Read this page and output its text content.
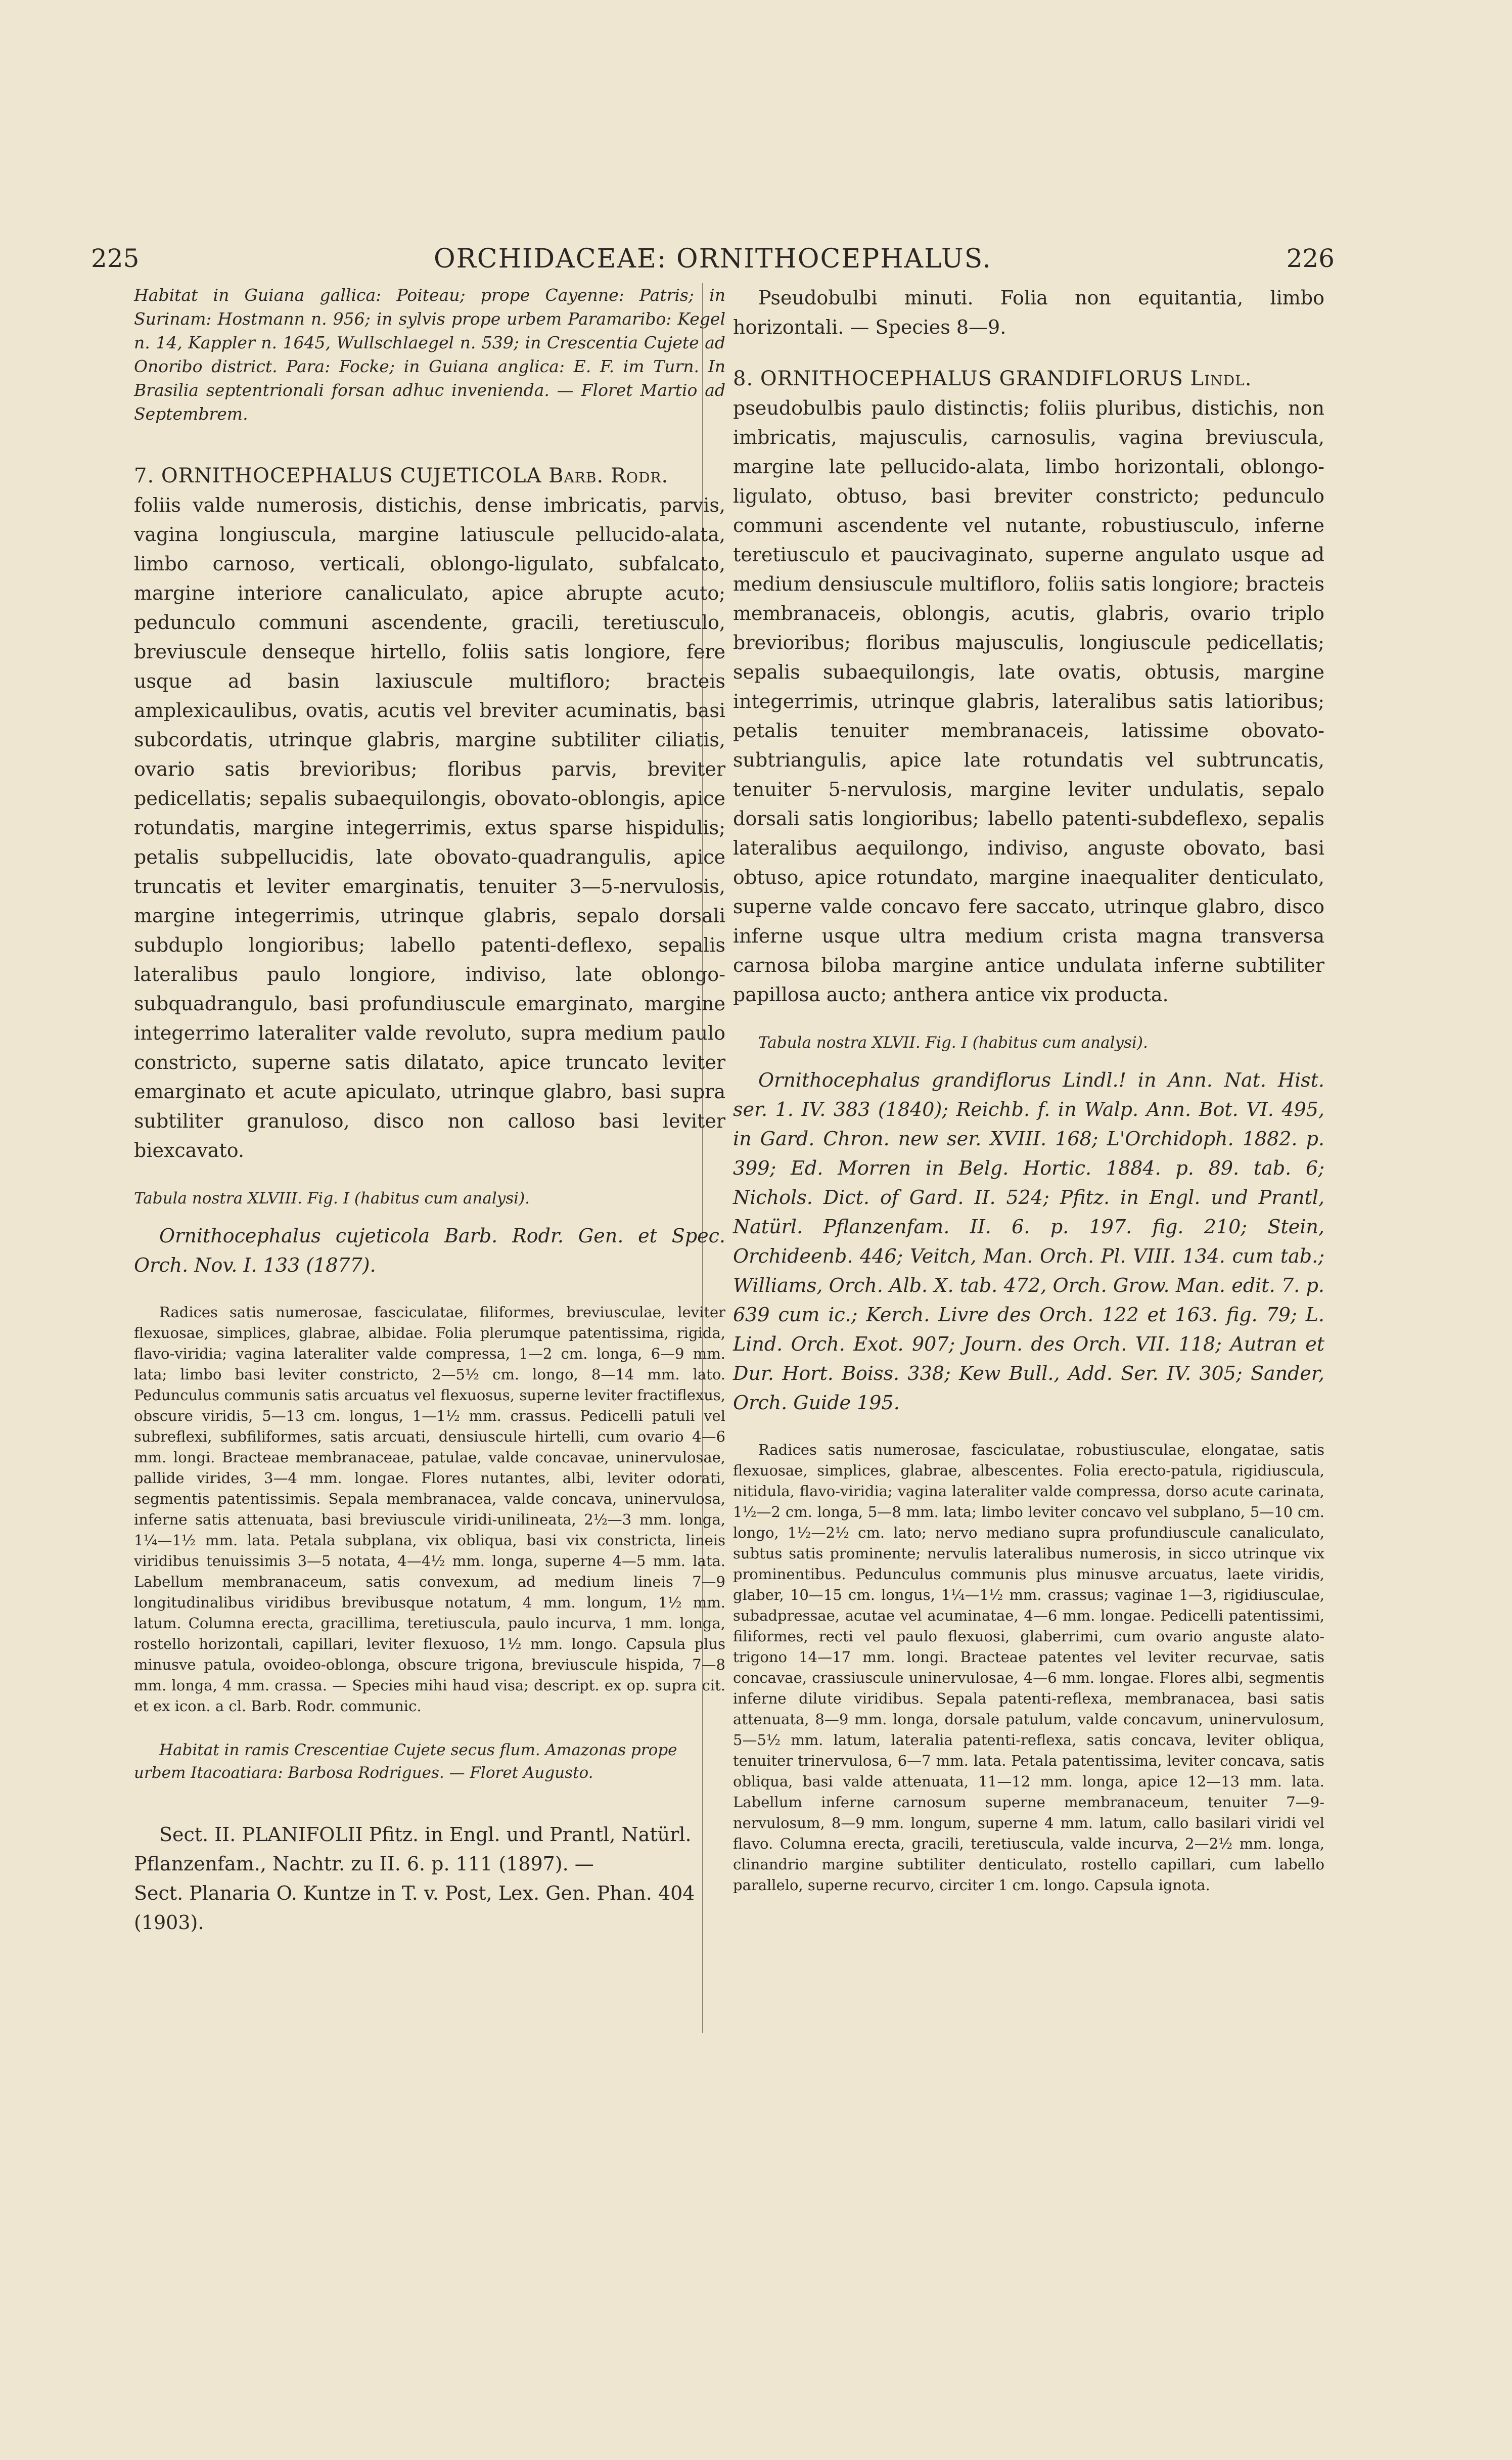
225	ORCHIDACEAE: ORNITHOCEPHALUS.	226

Habitat in Guiana gallica: Poiteau; prope Cayenne: Patris; in Surinam: Hostmann n. 956; in sylvis prope urbem Paramaribo: Kegel n. 14, Kappler n. 1645, Wullschlaegel n. 539; in Crescentia Cujete ad Onoribo district. Para: Focke; in Guiana anglica: E. F. im Turn. In Brasilia septentrionali forsan adhuc invenienda. — Floret Martio ad Septembrem.

7. ORNITHOCEPHALUS CUJETICOLA Barb. Rodr.

foliis valde numerosis, distichis, dense imbricatis, parvis, vagina longiuscula, margine latiuscule pellucido-alata, limbo carnoso, verticali, oblongo-ligulato, subfalcato, margine interiore canaliculato, apice abrupte acuto; pedunculo communi ascendente, gracili, teretiusculo, breviuscule denseque hirtello, foliis satis longiore, fere usque ad basin laxiuscule multifloro; bracteis amplexicaulibus, ovatis, acutis vel breviter acuminatis, basi subcordatis, utrinque glabris, margine subtiliter ciliatis, ovario satis brevioribus; floribus parvis, breviter pedicellatis; sepalis subaequilongis, obovato-oblongis, apice rotundatis, margine integerrimis, extus sparse hispidulis; petalis subpellucidis, late obovato-quadrangulis, apice truncatis et leviter emarginatis, tenuiter 3—5-nervulosis, margine integerrimis, utrinque glabris, sepalo dorsali subduplo longioribus; labello patenti-deflexo, sepalis lateralibus paulo longiore, indiviso, late oblongo-subquadrangulo, basi profundiuscule emarginato, margine integerrimo lateraliter valde revoluto, supra medium paulo constricto, superne satis dilatato, apice truncato leviter emarginato et acute apiculato, utrinque glabro, basi supra subtiliter granuloso, disco non calloso basi leviter biexcavato.

Tabula nostra XLVIII. Fig. I (habitus cum analysi).

Ornithocephalus cujeticola Barb. Rodr. Gen. et Spec. Orch. Nov. I. 133 (1877).

Radices satis numerosae, fasciculatae, filiformes, breviusculae, leviter flexuosae, simplices, glabrae, albidae. Folia plerumque patentissima, rigida, flavo-viridia; vagina lateraliter valde compressa, 1—2 cm. longa, 6—9 mm. lata; limbo basi leviter constricto, 2—5½ cm. longo, 8—14 mm. lato. Pedunculus communis satis arcuatus vel flexuosus, superne leviter fractiflexus, obscure viridis, 5—13 cm. longus, 1—1½ mm. crassus. Pedicelli patuli vel subreflexi, subfiliformes, satis arcuati, densiuscule hirtelli, cum ovario 4—6 mm. longi. Bracteae membranaceae, patulae, valde concavae, uninervulosae, pallide virides, 3—4 mm. longae. Flores nutantes, albi, leviter odorati, segmentis patentissimis. Sepala membranacea, valde concava, uninervulosa, inferne satis attenuata, basi breviuscule viridi-unilineata, 2½—3 mm. longa, 1¼—1½ mm. lata. Petala subplana, vix obliqua, basi vix constricta, lineis viridibus tenuissimis 3—5 notata, 4—4½ mm. longa, superne 4—5 mm. lata. Labellum membranaceum, satis convexum, ad medium lineis 7—9 longitudinalibus viridibus brevibusque notatum, 4 mm. longum, 1½ mm. latum. Columna erecta, gracillima, teretiuscula, paulo incurva, 1 mm. longa, rostello horizontali, capillari, leviter flexuoso, 1½ mm. longo. Capsula plus minusve patula, ovoideo-oblonga, obscure trigona, breviuscule hispida, 7—8 mm. longa, 4 mm. crassa. — Species mihi haud visa; descript. ex op. supra cit. et ex icon. a cl. Barb. Rodr. communic.

Habitat in ramis Crescentiae Cujete secus flum. Amazonas prope urbem Itacoatiara: Barbosa Rodrigues. — Floret Augusto.

Sect. II. PLANIFOLII Pfitz. in Engl. und Prantl, Natürl. Pflanzenfam., Nachtr. zu II. 6. p. 111 (1897). —

Sect. Planaria O. Kuntze in T. v. Post, Lex. Gen. Phan. 404 (1903).

Pseudobulbi minuti. Folia non equitantia, limbo horizontali. — Species 8—9.

8. ORNITHOCEPHALUS GRANDIFLORUS Lindl.

pseudobulbis paulo distinctis; foliis pluribus, distichis, non imbricatis, majusculis, carnosulis, vagina breviuscula, margine late pellucido-alata, limbo horizontali, oblongo-ligulato, obtuso, basi breviter constricto; pedunculo communi ascendente vel nutante, robustiusculo, inferne teretiusculo et paucivaginato, superne angulato usque ad medium densiuscule multifloro, foliis satis longiore; bracteis membranaceis, oblongis, acutis, glabris, ovario triplo brevioribus; floribus majusculis, longiuscule pedicellatis; sepalis subaequilongis, late ovatis, obtusis, margine integerrimis, utrinque glabris, lateralibus satis latioribus; petalis tenuiter membranaceis, latissime obovato-subtriangulis, apice late rotundatis vel subtruncatis, tenuiter 5-nervulosis, margine leviter undulatis, sepalo dorsali satis longioribus; labello patenti-subdeflexo, sepalis lateralibus aequilongo, indiviso, anguste obovato, basi obtuso, apice rotundato, margine inaequaliter denticulato, superne valde concavo fere saccato, utrinque glabro, disco inferne usque ultra medium crista magna transversa carnosa biloba margine antice undulata inferne subtiliter papillosa aucto; anthera antice vix producta.

Tabula nostra XLVII. Fig. I (habitus cum analysi).

Ornithocephalus grandiflorus Lindl.! in Ann. Nat. Hist. ser. 1. IV. 383 (1840); Reichb. f. in Walp. Ann. Bot. VI. 495, in Gard. Chron. new ser. XVIII. 168; L'Orchidoph. 1882. p. 399; Ed. Morren in Belg. Hortic. 1884. p. 89. tab. 6; Nichols. Dict. of Gard. II. 524; Pfitz. in Engl. und Prantl, Natürl. Pflanzenfam. II. 6. p. 197. fig. 210; Stein, Orchideenb. 446; Veitch, Man. Orch. Pl. VIII. 134. cum tab.; Williams, Orch. Alb. X. tab. 472, Orch. Grow. Man. edit. 7. p. 639 cum ic.; Kerch. Livre des Orch. 122 et 163. fig. 79; L. Lind. Orch. Exot. 907; Journ. des Orch. VII. 118; Autran et Dur. Hort. Boiss. 338; Kew Bull., Add. Ser. IV. 305; Sander, Orch. Guide 195.

Radices satis numerosae, fasciculatae, robustiusculae, elongatae, satis flexuosae, simplices, glabrae, albescentes. Folia erecto-patula, rigidiuscula, nitidula, flavo-viridia; vagina lateraliter valde compressa, dorso acute carinata, 1½—2 cm. longa, 5—8 mm. lata; limbo leviter concavo vel subplano, 5—10 cm. longo, 1½—2½ cm. lato; nervo mediano supra profundiuscule canaliculato, subtus satis prominente; nervulis lateralibus numerosis, in sicco utrinque vix prominentibus. Pedunculus communis plus minusve arcuatus, laete viridis, glaber, 10—15 cm. longus, 1¼—1½ mm. crassus; vaginae 1—3, rigidiusculae, subadpressae, acutae vel acuminatae, 4—6 mm. longae. Pedicelli patentissimi, filiformes, recti vel paulo flexuosi, glaberrimi, cum ovario anguste alato-trigono 14—17 mm. longi. Bracteae patentes vel leviter recurvae, satis concavae, crassiuscule uninervulosae, 4—6 mm. longae. Flores albi, segmentis inferne dilute viridibus. Sepala patenti-reflexa, membranacea, basi satis attenuata, 8—9 mm. longa, dorsale patulum, valde concavum, uninervulosum, 5—5½ mm. latum, lateralia patenti-reflexa, satis concava, leviter obliqua, tenuiter trinervulosa, 6—7 mm. lata. Petala patentissima, leviter concava, satis obliqua, basi valde attenuata, 11—12 mm. longa, apice 12—13 mm. lata. Labellum inferne carnosum superne membranaceum, tenuiter 7—9-nervulosum, 8—9 mm. longum, superne 4 mm. latum, callo basilari viridi vel flavo. Columna erecta, gracili, teretiuscula, valde incurva, 2—2½ mm. longa, clinandrio margine subtiliter denticulato, rostello capillari, cum labello parallelo, superne recurvo, circiter 1 cm. longo. Capsula ignota.
